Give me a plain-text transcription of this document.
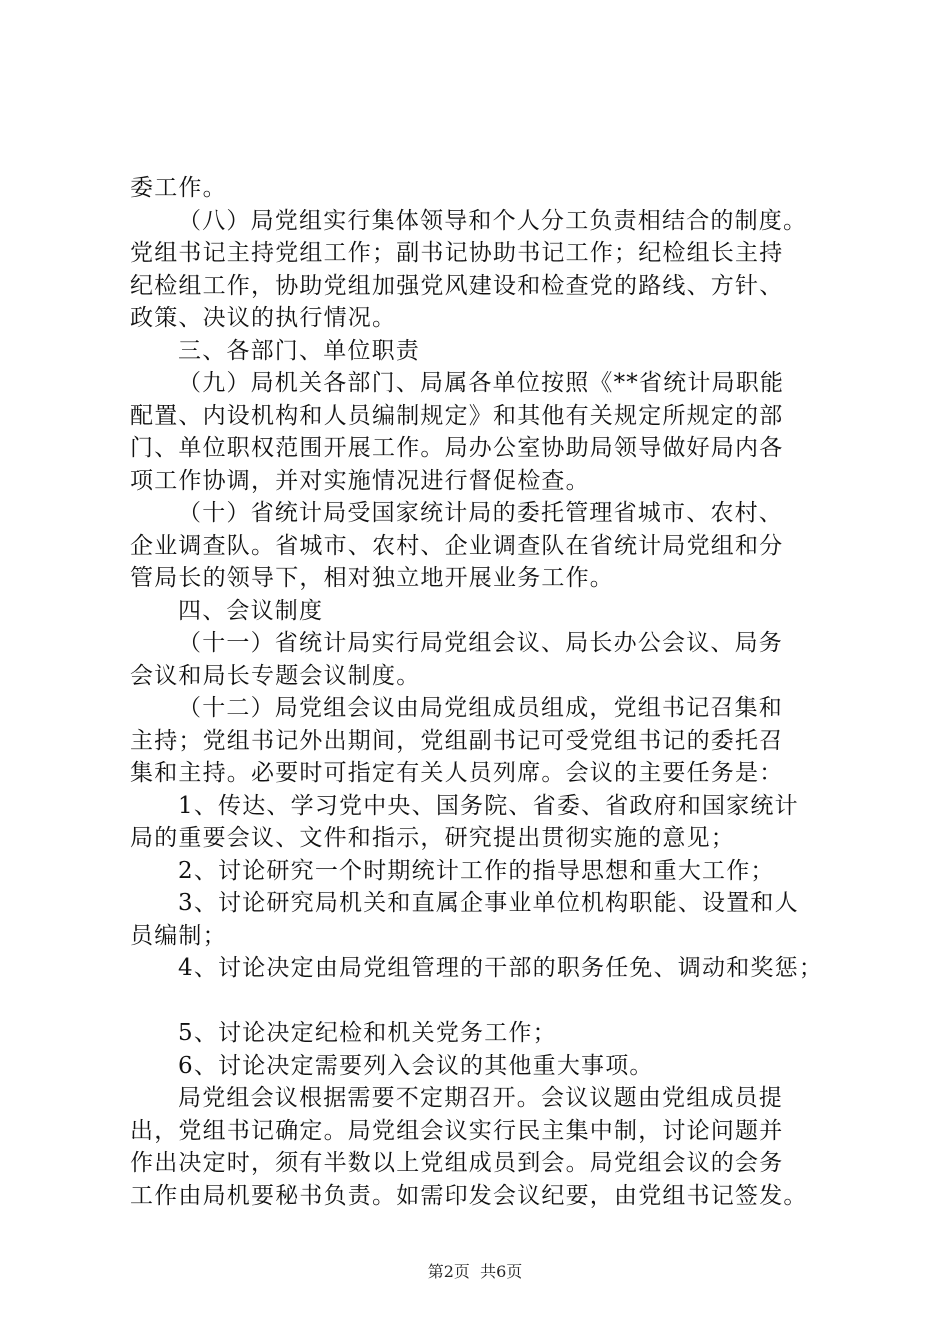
委工作。
（八）局党组实行集体领导和个人分工负责相结合的制度。
党组书记主持党组工作；副书记协助书记工作；纪检组长主持
纪检组工作，协助党组加强党风建设和检查党的路线、方针、
政策、决议的执行情况。
三、各部门、单位职责
（九）局机关各部门、局属各单位按照《**省统计局职能
配置、内设机构和人员编制规定》和其他有关规定所规定的部
门、单位职权范围开展工作。局办公室协助局领导做好局内各
项工作协调，并对实施情况进行督促检查。
（十）省统计局受国家统计局的委托管理省城市、农村、
企业调查队。省城市、农村、企业调查队在省统计局党组和分
管局长的领导下，相对独立地开展业务工作。
四、会议制度
（十一）省统计局实行局党组会议、局长办公会议、局务
会议和局长专题会议制度。
（十二）局党组会议由局党组成员组成，党组书记召集和
主持；党组书记外出期间，党组副书记可受党组书记的委托召
集和主持。必要时可指定有关人员列席。会议的主要任务是：
1、传达、学习党中央、国务院、省委、省政府和国家统计
局的重要会议、文件和指示，研究提出贯彻实施的意见；
2、讨论研究一个时期统计工作的指导思想和重大工作；
3、讨论研究局机关和直属企事业单位机构职能、设置和人
员编制；
4、讨论决定由局党组管理的干部的职务任免、调动和奖惩；
5、讨论决定纪检和机关党务工作；
6、讨论决定需要列入会议的其他重大事项。
局党组会议根据需要不定期召开。会议议题由党组成员提
出，党组书记确定。局党组会议实行民主集中制，讨论问题并
作出决定时，须有半数以上党组成员到会。局党组会议的会务
工作由局机要秘书负责。如需印发会议纪要，由党组书记签发。
第2页  共6页
